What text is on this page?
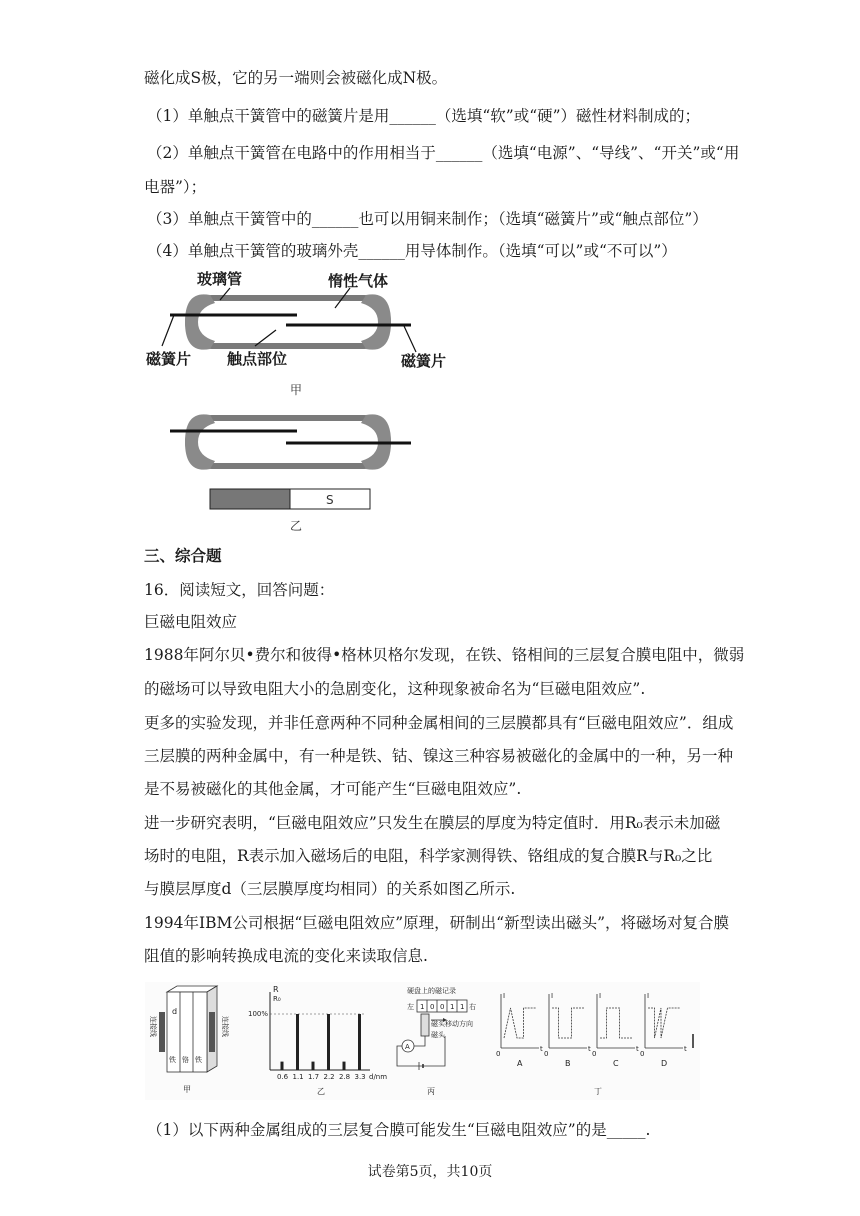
磁化成S极，它的另一端则会被磁化成N极。
（1）单触点干簧管中的磁簧片是用______（选填“软”或“硬”）磁性材料制成的；
（2）单触点干簧管在电路中的作用相当于______（选填“电源”、“导线”、“开关”或“用
电器”）；
（3）单触点干簧管中的______也可以用铜来制作；（选填“磁簧片”或“触点部位”）
（4）单触点干簧管的玻璃外壳______用导体制作。（选填“可以”或“不可以”）
玻璃管	惰性气体
磁簧片 触点部位	磁簧片
甲
S
乙
三、综合题
16．阅读短文，回答问题：
巨磁电阻效应
1988年阿尔贝•费尔和彼得•格林贝格尔发现，在铁、铬相间的三层复合膜电阻中，微弱
的磁场可以导致电阻大小的急剧变化，这种现象被命名为“巨磁电阻效应”.
更多的实验发现，并非任意两种不同种金属相间的三层膜都具有“巨磁电阻效应”．组成
三层膜的两种金属中，有一种是铁、钴、镍这三种容易被磁化的金属中的一种，另一种
是不易被磁化的其他金属，才可能产生“巨磁电阻效应”.
进一步研究表明，“巨磁电阻效应”只发生在膜层的厚度为特定值时．用R₀表示未加磁
场时的电阻，R表示加入磁场后的电阻，科学家测得铁、铬组成的复合膜R与R₀之比
与膜层厚度d（三层膜厚度均相同）的关系如图乙所示.
1994年IBM公司根据“巨磁电阻效应”原理，研制出“新型读出磁头”，将磁场对复合膜
阻值的影响转换成电流的变化来读取信息.
连接线	连接线
d
铁 铬 铁
甲
R
R₀
100%
0.6 1.1 1.7 2.2 2.8 3.3 d/nm
乙
硬盘上的磁记录
左 1 0 0 1 1 右
磁头移动方向
磁头
A
丙	丁
I
t
0
A
I
t
0
B
I
t
0
C
I
t
0
D
（1）以下两种金属组成的三层复合膜可能发生“巨磁电阻效应”的是_____.
试卷第5页，共10页
